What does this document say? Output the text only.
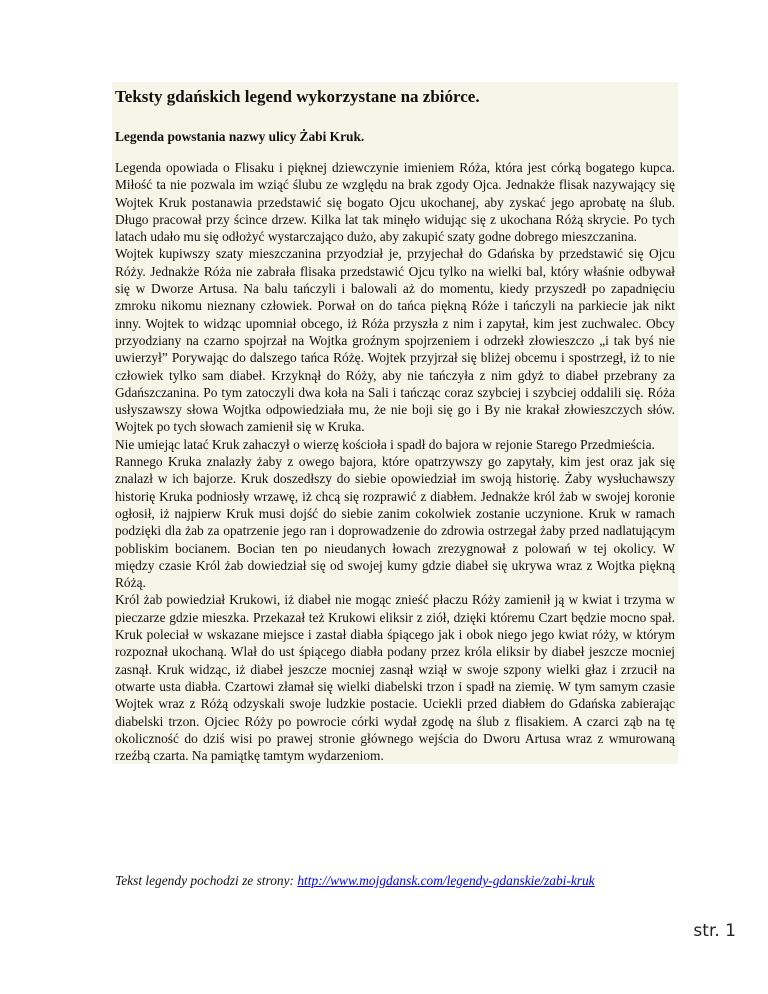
Teksty gdańskich legend wykorzystane na zbiórce.

Legenda powstania nazwy ulicy Żabi Kruk.

Legenda opowiada o Flisaku i pięknej dziewczynie imieniem Róża, która jest córką bogatego kupca. Miłość ta nie pozwala im wziąć ślubu ze względu na brak zgody Ojca. Jednakże flisak nazywający się Wojtek Kruk postanawia przedstawić się bogato Ojcu ukochanej, aby zyskać jego aprobatę na ślub. Długo pracował przy ścince drzew. Kilka lat tak minęło widując się z ukochana Różą skrycie. Po tych latach udało mu się odłożyć wystarczająco dużo, aby zakupić szaty godne dobrego mieszczanina.

Wojtek kupiwszy szaty mieszczanina przyodział je, przyjechał do Gdańska by przedstawić się Ojcu Róży. Jednakże Róża nie zabrała flisaka przedstawić Ojcu tylko na wielki bal, który właśnie odbywał się w Dworze Artusa. Na balu tańczyli i balowali aż do momentu, kiedy przyszedł po zapadnięciu zmroku nikomu nieznany człowiek. Porwał on do tańca piękną Róże i tańczyli na parkiecie jak nikt inny. Wojtek to widząc upomniał obcego, iż Róża przyszła z nim i zapytał, kim jest zuchwalec. Obcy przyodziany na czarno spojrzał na Wojtka groźnym spojrzeniem i odrzekł złowieszczo „i tak byś nie uwierzył” Porywając do dalszego tańca Różę. Wojtek przyjrzał się bliżej obcemu i spostrzegł, iż to nie człowiek tylko sam diabeł. Krzyknął do Róży, aby nie tańczyła z nim gdyż to diabeł przebrany za Gdańszczanina. Po tym zatoczyli dwa koła na Sali i tańcząc coraz szybciej i szybciej oddalili się. Róża usłyszawszy słowa Wojtka odpowiedziała mu, że nie boji się go i By nie krakał złowieszczych słów. Wojtek po tych słowach zamienił się w Kruka.

Nie umiejąc latać Kruk zahaczył o wierzę kościoła i spadł do bajora w rejonie Starego Przedmieścia.

Rannego Kruka znalazły żaby z owego bajora, które opatrzywszy go zapytały, kim jest oraz jak się znalazł w ich bajorze. Kruk doszedłszy do siebie opowiedział im swoją historię. Żaby wysłuchawszy historię Kruka podniosły wrzawę, iż chcą się rozprawić z diabłem. Jednakże król żab w swojej koronie ogłosił, iż najpierw Kruk musi dojść do siebie zanim cokolwiek zostanie uczynione. Kruk w ramach podzięki dla żab za opatrzenie jego ran i doprowadzenie do zdrowia ostrzegał żaby przed nadlatującym pobliskim bocianem. Bocian ten po nieudanych łowach zrezygnował z polowań w tej okolicy. W między czasie Król żab dowiedział się od swojej kumy gdzie diabeł się ukrywa wraz z Wojtka piękną Różą.

Król żab powiedział Krukowi, iż diabeł nie mogąc znieść płaczu Róży zamienił ją w kwiat i trzyma w pieczarze gdzie mieszka. Przekazał też Krukowi eliksir z ziół, dzięki któremu Czart będzie mocno spał. Kruk poleciał w wskazane miejsce i zastał diabła śpiącego jak i obok niego jego kwiat róży, w którym rozpoznał ukochaną. Wlał do ust śpiącego diabła podany przez króla eliksir by diabeł jeszcze mocniej zasnął. Kruk widząc, iż diabeł jeszcze mocniej zasnął wziął w swoje szpony wielki głaz i zrzucił na otwarte usta diabła. Czartowi złamał się wielki diabelski trzon i spadł na ziemię. W tym samym czasie Wojtek wraz z Różą odzyskali swoje ludzkie postacie. Uciekli przed diabłem do Gdańska zabierając diabelski trzon. Ojciec Róży po powrocie córki wydał zgodę na ślub z flisakiem. A czarci ząb na tę okoliczność do dziś wisi po prawej stronie głównego wejścia do Dworu Artusa wraz z wmurowaną rzeźbą czarta. Na pamiątkę tamtym wydarzeniom.

Tekst legendy pochodzi ze strony: http://www.mojgdansk.com/legendy-gdanskie/zabi-kruk
str. 1
